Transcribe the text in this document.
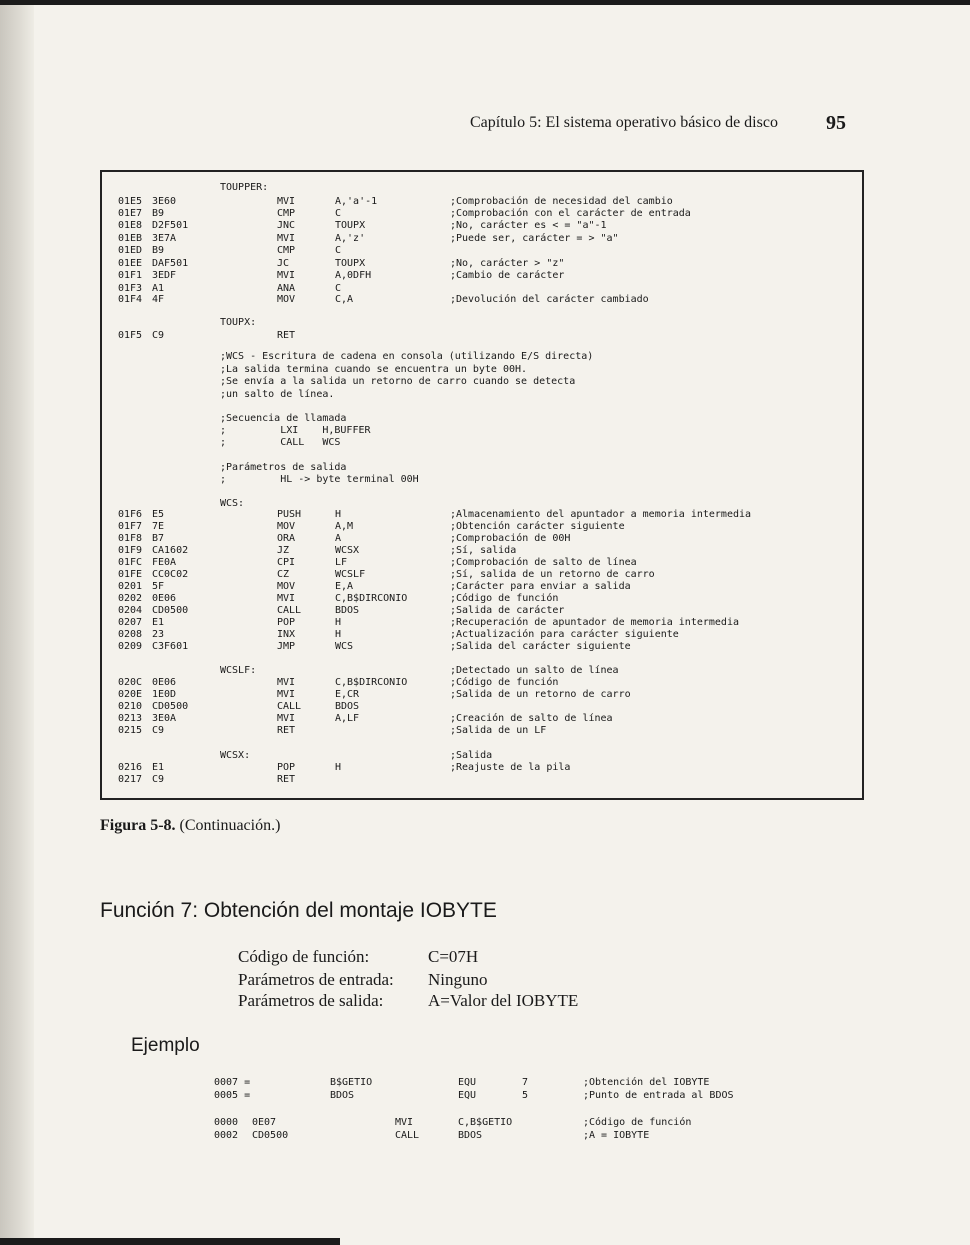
Capítulo 5: El sistema operativo básico de disco 95
TOUPPER:
01E5 3E60	MVI	A,'a'-1	;Comprobación de necesidad del cambio
01E7 B9	CMP	C	;Comprobación con el carácter de entrada
01E8 D2F501	JNC	TOUPX	;No, carácter es < = "a"-1
01EB 3E7A	MVI	A,'z'	;Puede ser, carácter = > "a"
01ED B9	CMP	C
01EE DAF501	JC	TOUPX	;No, carácter > "z"
01F1 3EDF	MVI	A,0DFH	;Cambio de carácter
01F3 A1	ANA	C
01F4 4F	MOV	C,A	;Devolución del carácter cambiado
TOUPX:
01F5 C9	RET
;WCS - Escritura de cadena en consola (utilizando E/S directa)
;La salida termina cuando se encuentra un byte 00H.
;Se envía a la salida un retorno de carro cuando se detecta
;un salto de línea.
;Secuencia de llamada
;         LXI    H,BUFFER
;         CALL   WCS
;Parámetros de salida
;         HL -> byte terminal 00H
WCS:
01F6 E5	PUSH	H	;Almacenamiento del apuntador a memoria intermedia
01F7 7E	MOV	A,M	;Obtención carácter siguiente
01F8 B7	ORA	A	;Comprobación de 00H
01F9 CA1602	JZ	WCSX	;Sí, salida
01FC FE0A	CPI	LF	;Comprobación de salto de línea
01FE CC0C02	CZ	WCSLF	;Sí, salida de un retorno de carro
0201 5F	MOV	E,A	;Carácter para enviar a salida
0202 0E06	MVI	C,B$DIRCONIO	;Código de función
0204 CD0500	CALL	BDOS	;Salida de carácter
0207 E1	POP	H	;Recuperación de apuntador de memoria intermedia
0208 23	INX	H	;Actualización para carácter siguiente
0209 C3F601	JMP	WCS	;Salida del carácter siguiente
WCSLF:	;Detectado un salto de línea
020C 0E06	MVI	C,B$DIRCONIO	;Código de función
020E 1E0D	MVI	E,CR	;Salida de un retorno de carro
0210 CD0500	CALL	BDOS
0213 3E0A	MVI	A,LF	;Creación de salto de línea
0215 C9	RET	;Salida de un LF
WCSX:	;Salida
0216 E1	POP	H	;Reajuste de la pila
0217 C9	RET
Figura 5-8. (Continuación.)
Función 7: Obtención del montaje IOBYTE
Código de función:	C=07H
Parámetros de entrada: Ninguno
Parámetros de salida:	A=Valor del IOBYTE
Ejemplo
0007 =	B$GETIO	EQU	7	;Obtención del IOBYTE
0005 =	BDOS	EQU	5	;Punto de entrada al BDOS
0000 0E07	MVI	C,B$GETIO	;Código de función
0002 CD0500	CALL	BDOS	;A = IOBYTE
